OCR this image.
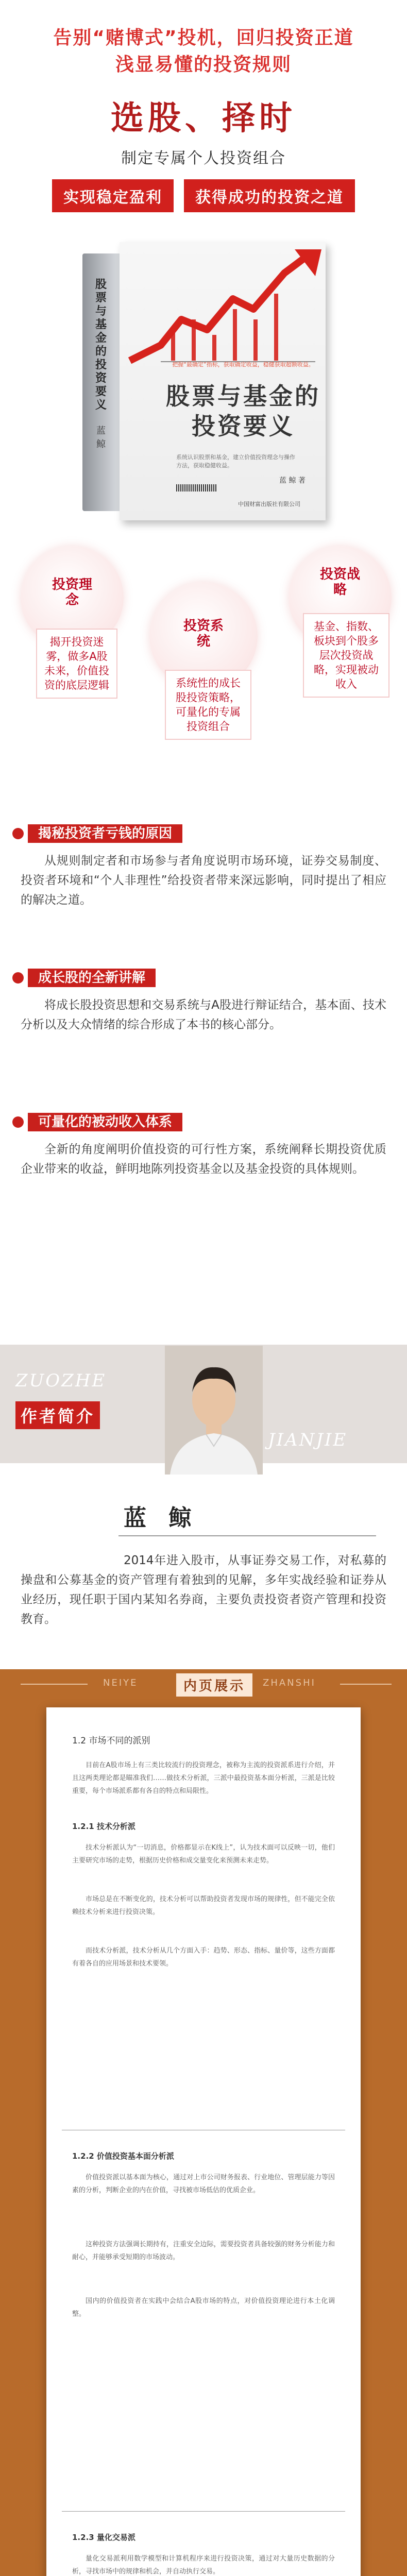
告别“赌博式”投机，回归投资正道
浅显易懂的投资规则
选股、择时
制定专属个人投资组合
实现稳定盈利	获得成功的投资之道
股票与基金的投资要义
蓝鲸
把握“最确定”指标，获取确定收益，稳健获取超额收益。
股票与基金的投资要义
系统认识股票和基金，建立价值投资理念与操作方法，获取稳健收益。
蓝 鲸 著
中国财富出版社有限公司
投资理念
揭开投资迷雾，做多A股未来，价值投资的底层逻辑
投资战略
基金、指数、板块到个股多层次投资战略，实现被动收入
投资系统
系统性的成长股投资策略，可量化的专属投资组合
揭秘投资者亏钱的原因
从规则制定者和市场参与者角度说明市场环境，证券交易制度、投资者环境和“个人非理性”给投资者带来深远影响，同时提出了相应的解决之道。
成长股的全新讲解
将成长股投资思想和交易系统与A股进行辩证结合，基本面、技术分析以及大众情绪的综合形成了本书的核心部分。
可量化的被动收入体系
全新的角度阐明价值投资的可行性方案，系统阐释长期投资优质企业带来的收益，鲜明地陈列投资基金以及基金投资的具体规则。
ZUOZHE
JIANJIE
作者简介
蓝 鲸
2014年进入股市，从事证券交易工作，对私募的操盘和公募基金的资产管理有着独到的见解，多年实战经验和证券从业经历，现任职于国内某知名券商，主要负责投资者资产管理和投资教育。
NEIYE	内页展示	ZHANSHI
1.2 市场不同的派别
目前在A股市场上有三类比较流行的投资理念，被称为主流的投资派系进行介绍，并且这两类理论都是瞄准我们……做技术分析派，三派中最投资基本面分析派，三派是比较重要，每个市场派系都有各自的特点和局限性。
1.2.1 技术分析派
技术分析派认为“一切消息，价格都显示在K线上”，认为技术面可以反映一切，他们主要研究市场的走势，根据历史价格和成交量变化来预测未来走势。
市场总是在不断变化的，技术分析可以帮助投资者发现市场的规律性，但不能完全依赖技术分析来进行投资决策。
而技术分析派，技术分析从几个方面入手：趋势、形态、指标、量价等，这些方面都有着各自的应用场景和技术要领。
1.2.2 价值投资基本面分析派
价值投资派以基本面为核心，通过对上市公司财务报表、行业地位、管理层能力等因素的分析，判断企业的内在价值，寻找被市场低估的优质企业。
这种投资方法强调长期持有，注重安全边际，需要投资者具备较强的财务分析能力和耐心，并能够承受短期的市场波动。
国内的价值投资者在实践中会结合A股市场的特点，对价值投资理论进行本土化调整。
1.2.3 量化交易派
量化交易派利用数学模型和计算机程序来进行投资决策，通过对大量历史数据的分析，寻找市场中的规律和机会，并自动执行交易。
